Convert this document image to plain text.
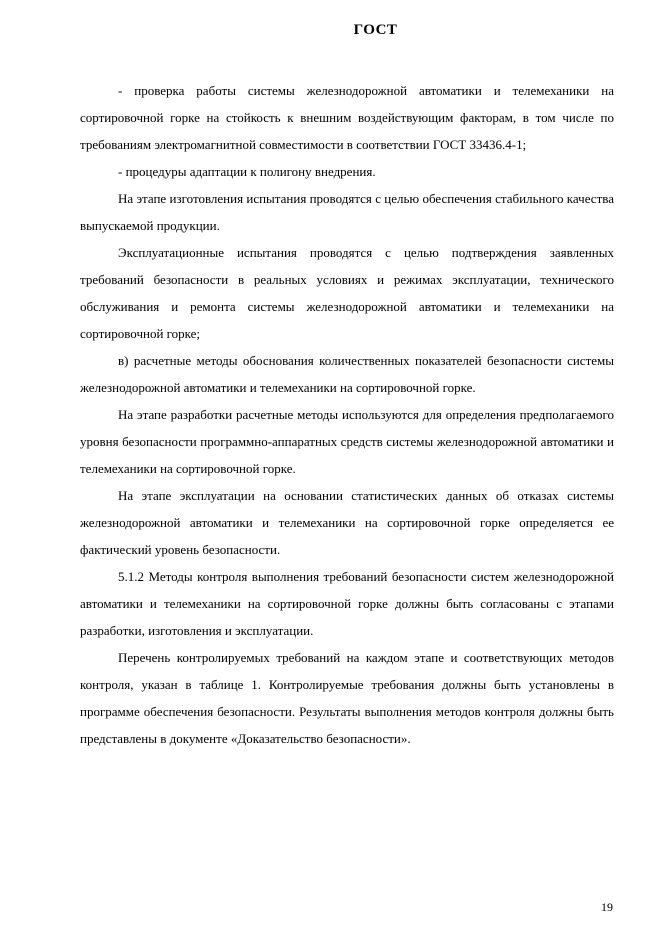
ГОСТ

- проверка работы системы железнодорожной автоматики и телемеханики на сортировочной горке на стойкость к внешним воздействующим факторам, в том числе по требованиям электромагнитной совместимости в соответствии ГОСТ 33436.4-1;

- процедуры адаптации к полигону внедрения.

На этапе изготовления испытания проводятся с целью обеспечения стабильного качества выпускаемой продукции.

Эксплуатационные испытания проводятся с целью подтверждения заявленных требований безопасности в реальных условиях и режимах эксплуатации, технического обслуживания и ремонта системы железнодорожной автоматики и телемеханики на сортировочной горке;

в) расчетные методы обоснования количественных показателей безопасности системы железнодорожной автоматики и телемеханики на сортировочной горке.

На этапе разработки расчетные методы используются для определения предполагаемого уровня безопасности программно-аппаратных средств системы железнодорожной автоматики и телемеханики на сортировочной горке.

На этапе эксплуатации на основании статистических данных об отказах системы железнодорожной автоматики и телемеханики на сортировочной горке определяется ее фактический уровень безопасности.

5.1.2 Методы контроля выполнения требований безопасности систем железнодорожной автоматики и телемеханики на сортировочной горке должны быть согласованы с этапами разработки, изготовления и эксплуатации.

Перечень контролируемых требований на каждом этапе и соответствующих методов контроля, указан в таблице 1. Контролируемые требования должны быть установлены в программе обеспечения безопасности. Результаты выполнения методов контроля должны быть представлены в документе «Доказательство безопасности».

19
